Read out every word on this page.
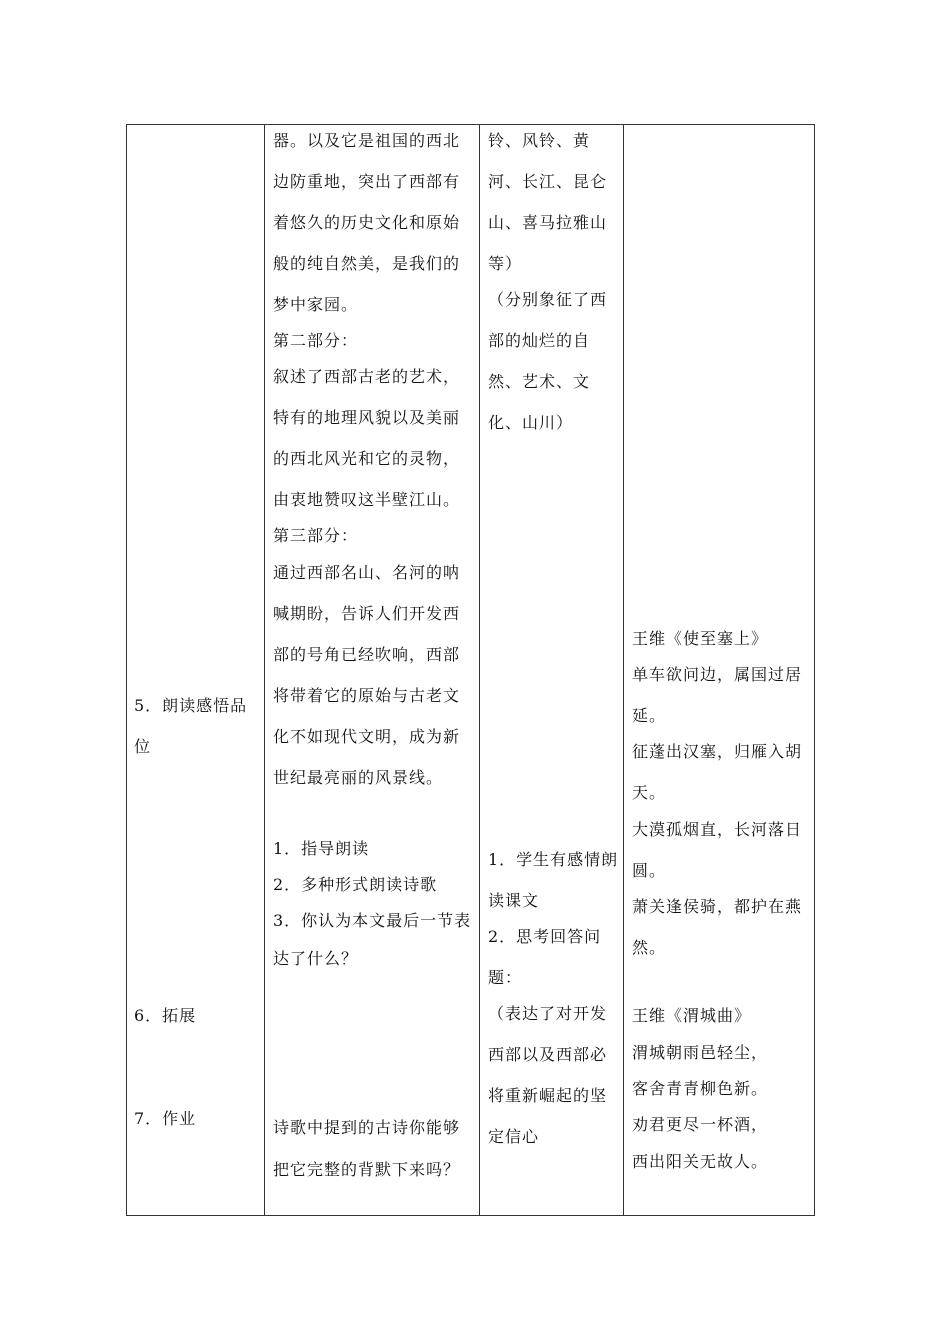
5．朗读感悟品
位
6．拓展
7．作业
器。以及它是祖国的西北
边防重地，突出了西部有
着悠久的历史文化和原始
般的纯自然美，是我们的
梦中家园。
第二部分：
叙述了西部古老的艺术，
特有的地理风貌以及美丽
的西北风光和它的灵物，
由衷地赞叹这半壁江山。
第三部分：
通过西部名山、名河的呐
喊期盼，告诉人们开发西
部的号角已经吹响，西部
将带着它的原始与古老文
化不如现代文明，成为新
世纪最亮丽的风景线。
1．指导朗读
2．多种形式朗读诗歌
3．你认为本文最后一节表
达了什么？
诗歌中提到的古诗你能够
把它完整的背默下来吗？
铃、风铃、黄
河、长江、昆仑
山、喜马拉雅山
等）
（分别象征了西
部的灿烂的自
然、艺术、文
化、山川）
1．学生有感情朗
读课文
2．思考回答问
题：
（表达了对开发
西部以及西部必
将重新崛起的坚
定信心
王维《使至塞上》
单车欲问边，属国过居
延。
征蓬出汉塞，归雁入胡
天。
大漠孤烟直，长河落日
圆。
萧关逢侯骑，都护在燕
然。
王维《渭城曲》
渭城朝雨邑轻尘，
客舍青青柳色新。
劝君更尽一杯酒，
西出阳关无故人。
